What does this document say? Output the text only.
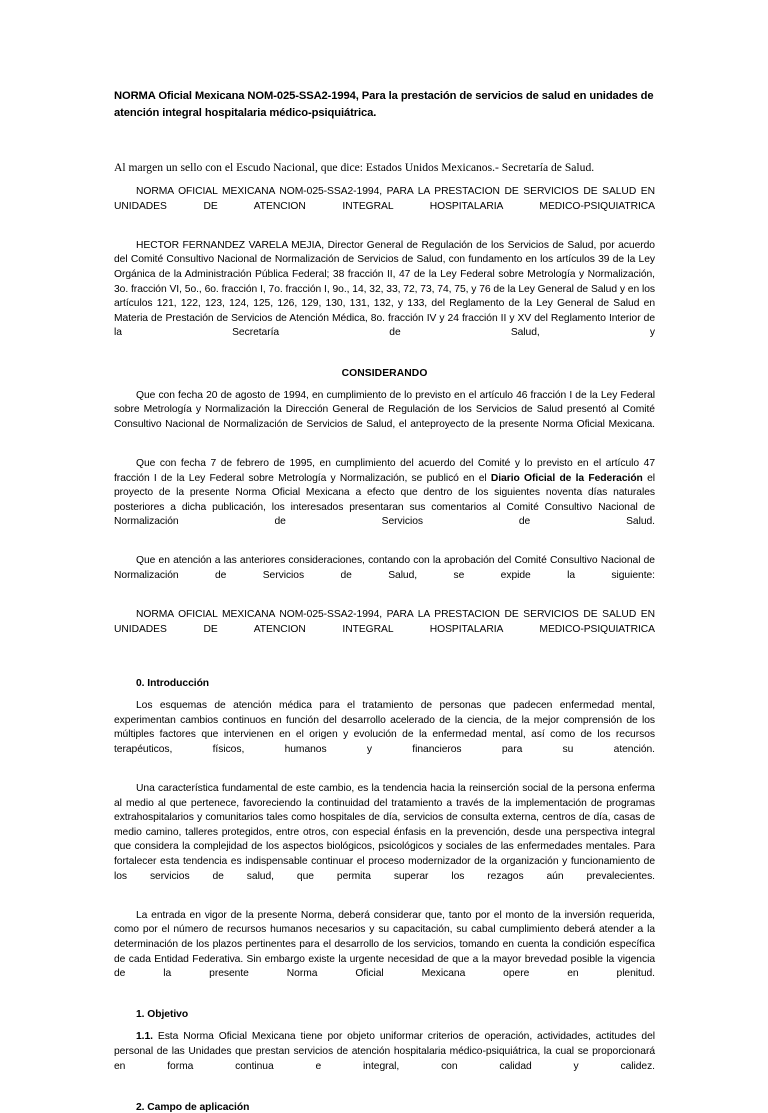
NORMA Oficial Mexicana NOM-025-SSA2-1994, Para la prestación de servicios de salud en unidades de atención integral hospitalaria médico-psiquiátrica.

Al margen un sello con el Escudo Nacional, que dice: Estados Unidos Mexicanos.- Secretaría de Salud.

NORMA OFICIAL MEXICANA NOM-025-SSA2-1994, PARA LA PRESTACION DE SERVICIOS DE SALUD EN UNIDADES DE ATENCION INTEGRAL HOSPITALARIA MEDICO-PSIQUIATRICA

HECTOR FERNANDEZ VARELA MEJIA, Director General de Regulación de los Servicios de Salud, por acuerdo del Comité Consultivo Nacional de Normalización de Servicios de Salud, con fundamento en los artículos 39 de la Ley Orgánica de la Administración Pública Federal; 38 fracción II, 47 de la Ley Federal sobre Metrología y Normalización, 3o. fracción VI, 5o., 6o. fracción I, 7o. fracción I, 9o., 14, 32, 33, 72, 73, 74, 75, y 76 de la Ley General de Salud y en los artículos 121, 122, 123, 124, 125, 126, 129, 130, 131, 132, y 133, del Reglamento de la Ley General de Salud en Materia de Prestación de Servicios de Atención Médica, 8o. fracción IV y 24 fracción II y XV del Reglamento Interior de la Secretaría de Salud, y

CONSIDERANDO

Que con fecha 20 de agosto de 1994, en cumplimiento de lo previsto en el artículo 46 fracción I de la Ley Federal sobre Metrología y Normalización la Dirección General de Regulación de los Servicios de Salud presentó al Comité Consultivo Nacional de Normalización de Servicios de Salud, el anteproyecto de la presente Norma Oficial Mexicana.

Que con fecha 7 de febrero de 1995, en cumplimiento del acuerdo del Comité y lo previsto en el artículo 47 fracción I de la Ley Federal sobre Metrología y Normalización, se publicó en el Diario Oficial de la Federación el proyecto de la presente Norma Oficial Mexicana a efecto que dentro de los siguientes noventa días naturales posteriores a dicha publicación, los interesados presentaran sus comentarios al Comité Consultivo Nacional de Normalización de Servicios de Salud.

Que en atención a las anteriores consideraciones, contando con la aprobación del Comité Consultivo Nacional de Normalización de Servicios de Salud, se expide la siguiente:

NORMA OFICIAL MEXICANA NOM-025-SSA2-1994, PARA LA PRESTACION DE SERVICIOS DE SALUD EN UNIDADES DE ATENCION INTEGRAL HOSPITALARIA MEDICO-PSIQUIATRICA

0. Introducción

Los esquemas de atención médica para el tratamiento de personas que padecen enfermedad mental, experimentan cambios continuos en función del desarrollo acelerado de la ciencia, de la mejor comprensión de los múltiples factores que intervienen en el origen y evolución de la enfermedad mental, así como de los recursos terapéuticos, físicos, humanos y financieros para su atención.

Una característica fundamental de este cambio, es la tendencia hacia la reinserción social de la persona enferma al medio al que pertenece, favoreciendo la continuidad del tratamiento a través de la implementación de programas extrahospitalarios y comunitarios tales como hospitales de día, servicios de consulta externa, centros de día, casas de medio camino, talleres protegidos, entre otros, con especial énfasis en la prevención, desde una perspectiva integral que considera la complejidad de los aspectos biológicos, psicológicos y sociales de las enfermedades mentales. Para fortalecer esta tendencia es indispensable continuar el proceso modernizador de la organización y funcionamiento de los servicios de salud, que permita superar los rezagos aún prevalecientes.

La entrada en vigor de la presente Norma, deberá considerar que, tanto por el monto de la inversión requerida, como por el número de recursos humanos necesarios y su capacitación, su cabal cumplimiento deberá atender a la determinación de los plazos pertinentes para el desarrollo de los servicios, tomando en cuenta la condición específica de cada Entidad Federativa. Sin embargo existe la urgente necesidad de que a la mayor brevedad posible la vigencia de la presente Norma Oficial Mexicana opere en plenitud.

1. Objetivo

1.1. Esta Norma Oficial Mexicana tiene por objeto uniformar criterios de operación, actividades, actitudes del personal de las Unidades que prestan servicios de atención hospitalaria médico-psiquiátrica, la cual se proporcionará en forma continua e integral, con calidad y calidez.

2. Campo de aplicación
